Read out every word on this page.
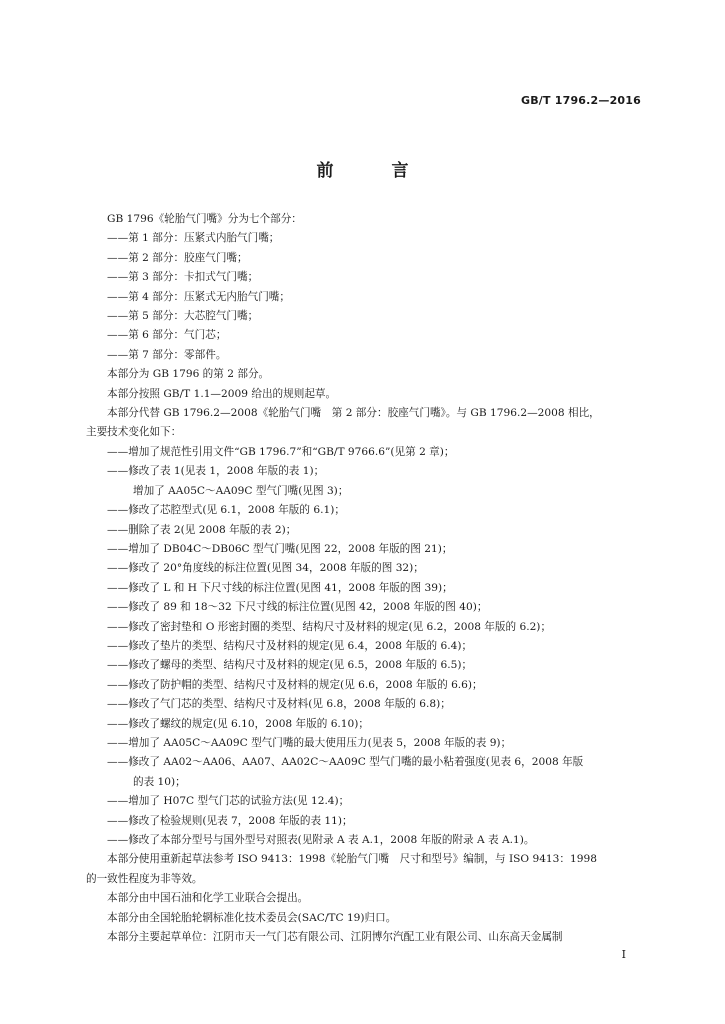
GB/T 1796.2—2016
前 言
GB 1796《轮胎气门嘴》分为七个部分：
——第 1 部分：压紧式内胎气门嘴；
——第 2 部分：胶座气门嘴；
——第 3 部分：卡扣式气门嘴；
——第 4 部分：压紧式无内胎气门嘴；
——第 5 部分：大芯腔气门嘴；
——第 6 部分：气门芯；
——第 7 部分：零部件。
本部分为 GB 1796 的第 2 部分。
本部分按照 GB/T 1.1—2009 给出的规则起草。
本部分代替 GB 1796.2—2008《轮胎气门嘴　第 2 部分：胶座气门嘴》。与 GB 1796.2—2008 相比，
主要技术变化如下：
——增加了规范性引用文件“GB 1796.7”和“GB/T 9766.6”(见第 2 章)；
——修改了表 1(见表 1，2008 年版的表 1)；
增加了 AA05C～AA09C 型气门嘴(见图 3)；
——修改了芯腔型式(见 6.1，2008 年版的 6.1)；
——删除了表 2(见 2008 年版的表 2)；
——增加了 DB04C～DB06C 型气门嘴(见图 22，2008 年版的图 21)；
——修改了 20°角度线的标注位置(见图 34，2008 年版的图 32)；
——修改了 L 和 H 下尺寸线的标注位置(见图 41，2008 年版的图 39)；
——修改了 89 和 18～32 下尺寸线的标注位置(见图 42，2008 年版的图 40)；
——修改了密封垫和 O 形密封圈的类型、结构尺寸及材料的规定(见 6.2，2008 年版的 6.2)；
——修改了垫片的类型、结构尺寸及材料的规定(见 6.4，2008 年版的 6.4)；
——修改了螺母的类型、结构尺寸及材料的规定(见 6.5，2008 年版的 6.5)；
——修改了防护帽的类型、结构尺寸及材料的规定(见 6.6，2008 年版的 6.6)；
——修改了气门芯的类型、结构尺寸及材料(见 6.8，2008 年版的 6.8)；
——修改了螺纹的规定(见 6.10，2008 年版的 6.10)；
——增加了 AA05C～AA09C 型气门嘴的最大使用压力(见表 5，2008 年版的表 9)；
——修改了 AA02～AA06、AA07、AA02C～AA09C 型气门嘴的最小粘着强度(见表 6，2008 年版
的表 10)；
——增加了 H07C 型气门芯的试验方法(见 12.4)；
——修改了检验规则(见表 7，2008 年版的表 11)；
——修改了本部分型号与国外型号对照表(见附录 A 表 A.1，2008 年版的附录 A 表 A.1)。
本部分使用重新起草法参考 ISO 9413：1998《轮胎气门嘴　尺寸和型号》编制，与 ISO 9413：1998
的一致性程度为非等效。
本部分由中国石油和化学工业联合会提出。
本部分由全国轮胎轮辋标准化技术委员会(SAC/TC 19)归口。
本部分主要起草单位：江阴市天一气门芯有限公司、江阴博尔汽配工业有限公司、山东高天金属制
I
